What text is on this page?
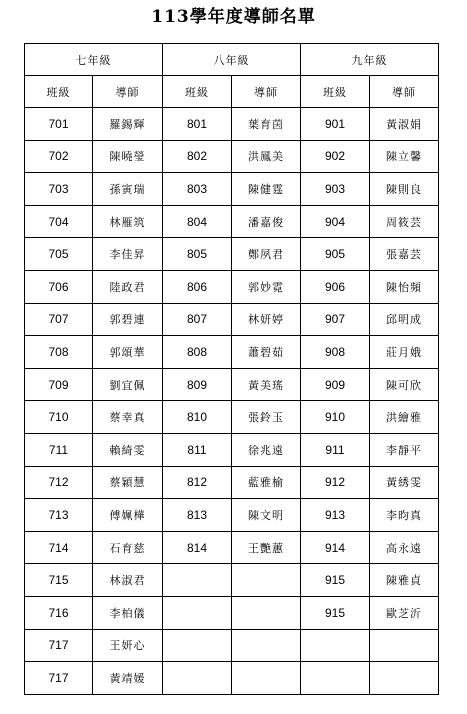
113學年度導師名單
七年級		八年級		九年級	
班級	導師	班級	導師	班級	導師
701	羅錫輝	801	葉育茵	901	黃淑娟
702	陳曉瑩	802	洪鳳美	902	陳立馨
703	孫寅瑞	803	陳健霆	903	陳則良
704	林雁筑	804	潘嘉俊	904	周筱芸
705	李佳昇	805	鄭夙君	905	張嘉芸
706	陸政君	806	郭妙霓	906	陳怡頻
707	郭碧連	807	林妍婷	907	邱明成
708	郭頌華	808	蕭碧茹	908	莊月娥
709	劉宜佩	809	黃美瑤	909	陳可欣
710	蔡幸真	810	張鈴玉	910	洪繪雅
711	賴綺雯	811	徐兆遠	911	李靜平
712	蔡穎慧	812	藍雅榆	912	黃綉雯
713	傅姵樺	813	陳文明	913	李昀真
714	石育慈	814	王艷蕙	914	高永遠
715	林淑君			915	陳雅貞
716	李柏儀			915	歐芝沂
717	王妍心				
717	黃靖媛				
